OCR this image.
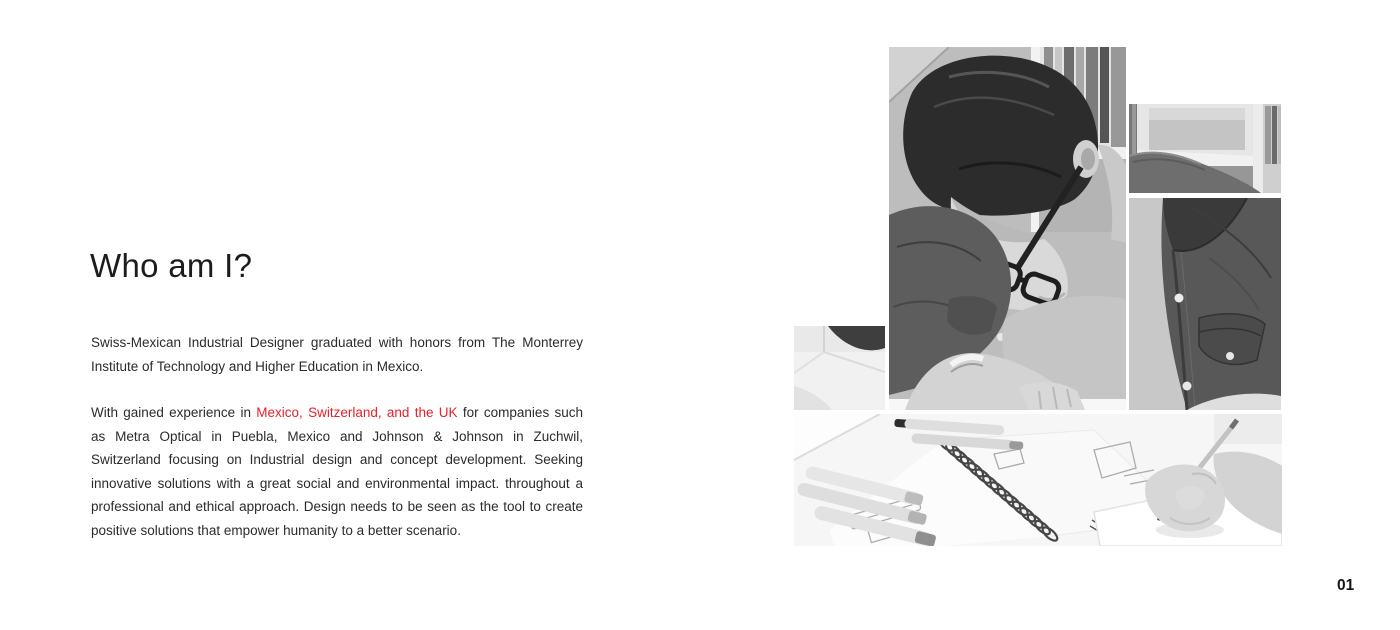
Who am I?

Swiss-Mexican Industrial Designer graduated with honors from The Monterrey Institute of Technology and Higher Education in Mexico.

With gained experience in Mexico, Switzerland, and the UK for companies such as Metra Optical in Puebla, Mexico and Johnson & Johnson in Zuchwil, Switzerland focusing on Industrial design and concept development. Seeking innovative solutions with a great social and environmental impact. throughout a professional and ethical approach. Design needs to be seen as the tool to create positive solutions that empower humanity to a better scenario.

01
